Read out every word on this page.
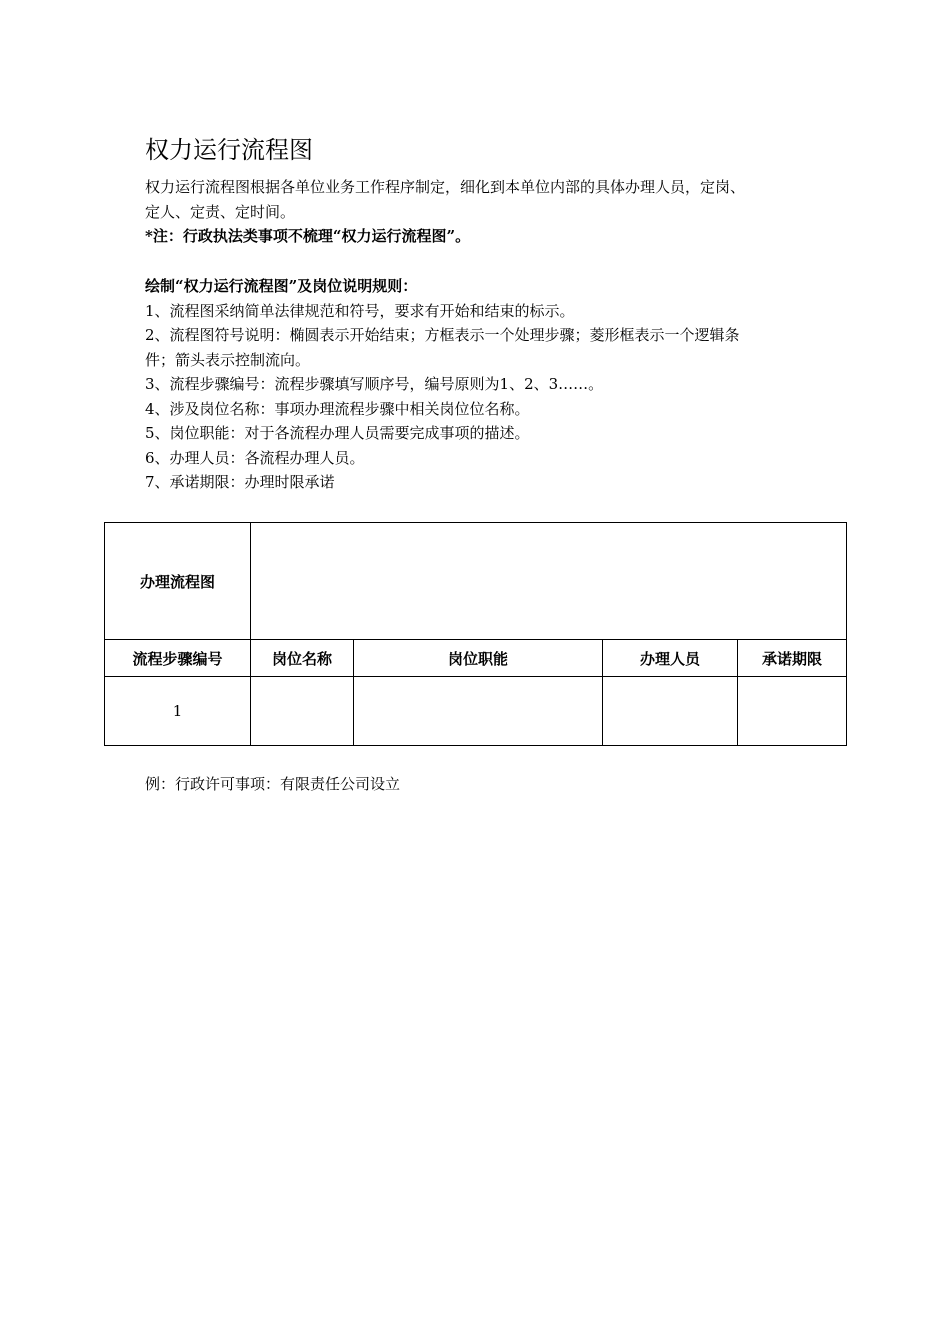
权力运行流程图
权力运行流程图根据各单位业务工作程序制定，细化到本单位内部的具体办理人员，定岗、
定人、定责、定时间。
*注：行政执法类事项不梳理“权力运行流程图”。
绘制“权力运行流程图”及岗位说明规则：
1、流程图采纳简单法律规范和符号，要求有开始和结束的标示。
2、流程图符号说明：椭圆表示开始结束；方框表示一个处理步骤；菱形框表示一个逻辑条
件；箭头表示控制流向。
3、流程步骤编号：流程步骤填写顺序号，编号原则为1、2、3……。
4、涉及岗位名称：事项办理流程步骤中相关岗位位名称。
5、岗位职能：对于各流程办理人员需要完成事项的描述。
6、办理人员：各流程办理人员。
7、承诺期限：办理时限承诺
办理流程图				
流程步骤编号	岗位名称	岗位职能	办理人员	承诺期限
1				
例：行政许可事项：有限责任公司设立
